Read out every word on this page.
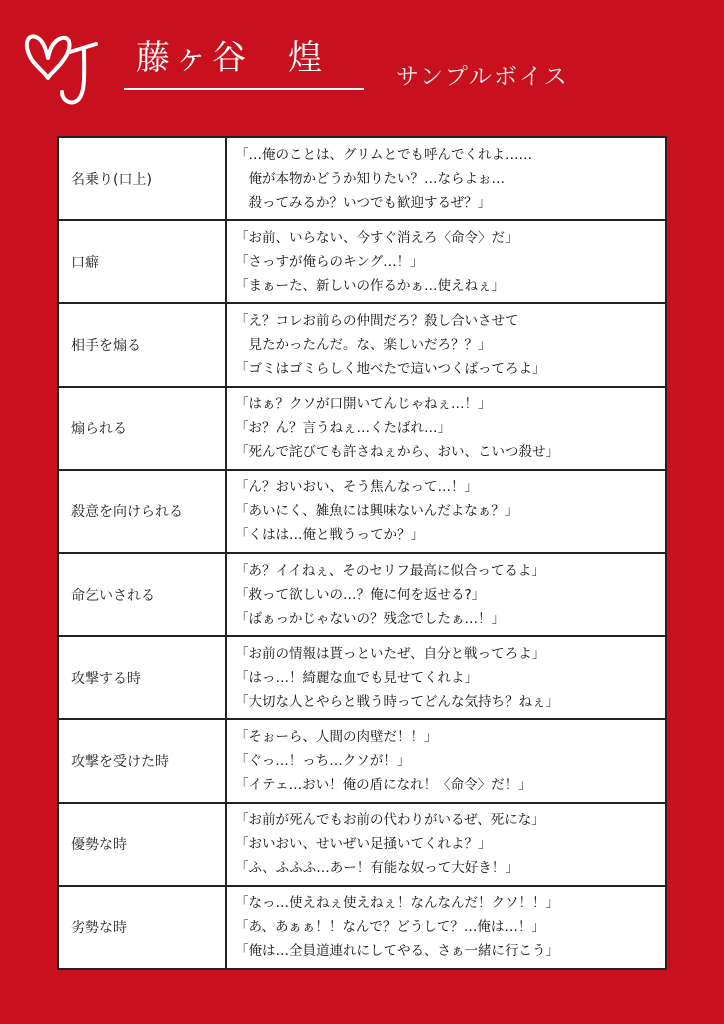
藤ヶ谷　煌	サンプルボイス
名乗り(口上)
「…俺のことは、グリムとでも呼んでくれよ……
　俺が本物かどうか知りたい？…ならよぉ…
　殺ってみるか？いつでも歓迎するぜ？」
口癖
「お前、いらない、今すぐ消えろ〈命令〉だ」
「さっすが俺らのキング…！」
「まぁーた、新しいの作るかぁ…使えねぇ」
相手を煽る
「え？コレお前らの仲間だろ？殺し合いさせて
　見たかったんだ。な、楽しいだろ？？」
「ゴミはゴミらしく地べたで這いつくばってろよ」
煽られる
「はぁ？クソが口開いてんじゃねぇ…！」
「お？ん？言うねぇ…くたばれ…」
「死んで詫びても許さねぇから、おい、こいつ殺せ」
殺意を向けられる
「ん？おいおい、そう焦んなって…！」
「あいにく、雑魚には興味ないんだよなぁ？」
「くはは…俺と戦うってか？」
命乞いされる
「あ？イイねぇ、そのセリフ最高に似合ってるよ」
「救って欲しいの…？俺に何を返せる?」
「ばぁっかじゃないの？残念でしたぁ…！」
攻撃する時
「お前の情報は貰っといたぜ、自分と戦ってろよ」
「はっ…！綺麗な血でも見せてくれよ」
「大切な人とやらと戦う時ってどんな気持ち？ねぇ」
攻撃を受けた時
「そぉーら、人間の肉壁だ！！」
「ぐっ…！っち…クソが！」
「イテェ…おい！俺の盾になれ！〈命令〉だ！」
優勢な時
「お前が死んでもお前の代わりがいるぜ、死にな」
「おいおい、せいぜい足掻いてくれよ？」
「ふ、ふふふ…あー！有能な奴って大好き！」
劣勢な時
「なっ…使えねぇ使えねぇ！なんなんだ！クソ！！」
「あ、あぁぁ！！なんで？どうして？…俺は…！」
「俺は…全員道連れにしてやる、さぁ一緒に行こう」
